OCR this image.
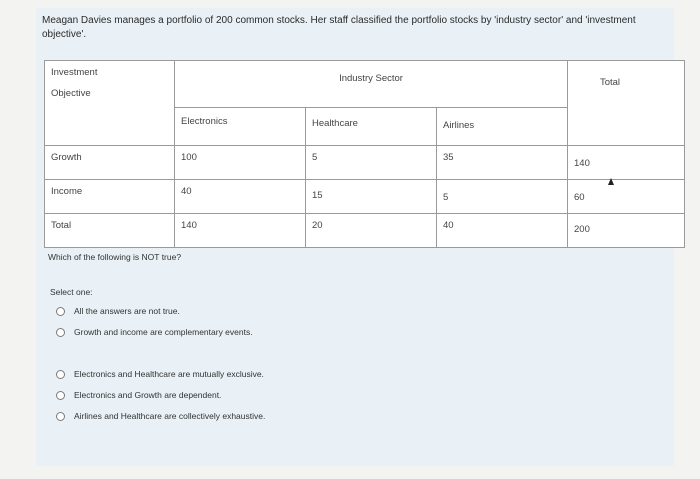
Meagan Davies manages a portfolio of 200 common stocks. Her staff classified the portfolio stocks by 'industry sector' and 'investment objective'.
Investment
Objective	Industry Sector			Total
	Electronics	Healthcare	Airlines	
Growth	100	5	35	140
Income	40	15	5	60
Total	140	20	40	200
Which of the following is NOT true?
Select one:
All the answers are not true.
Growth and income are complementary events.
Electronics and Healthcare are mutually exclusive.
Electronics and Growth are dependent.
Airlines and Healthcare are collectively exhaustive.
